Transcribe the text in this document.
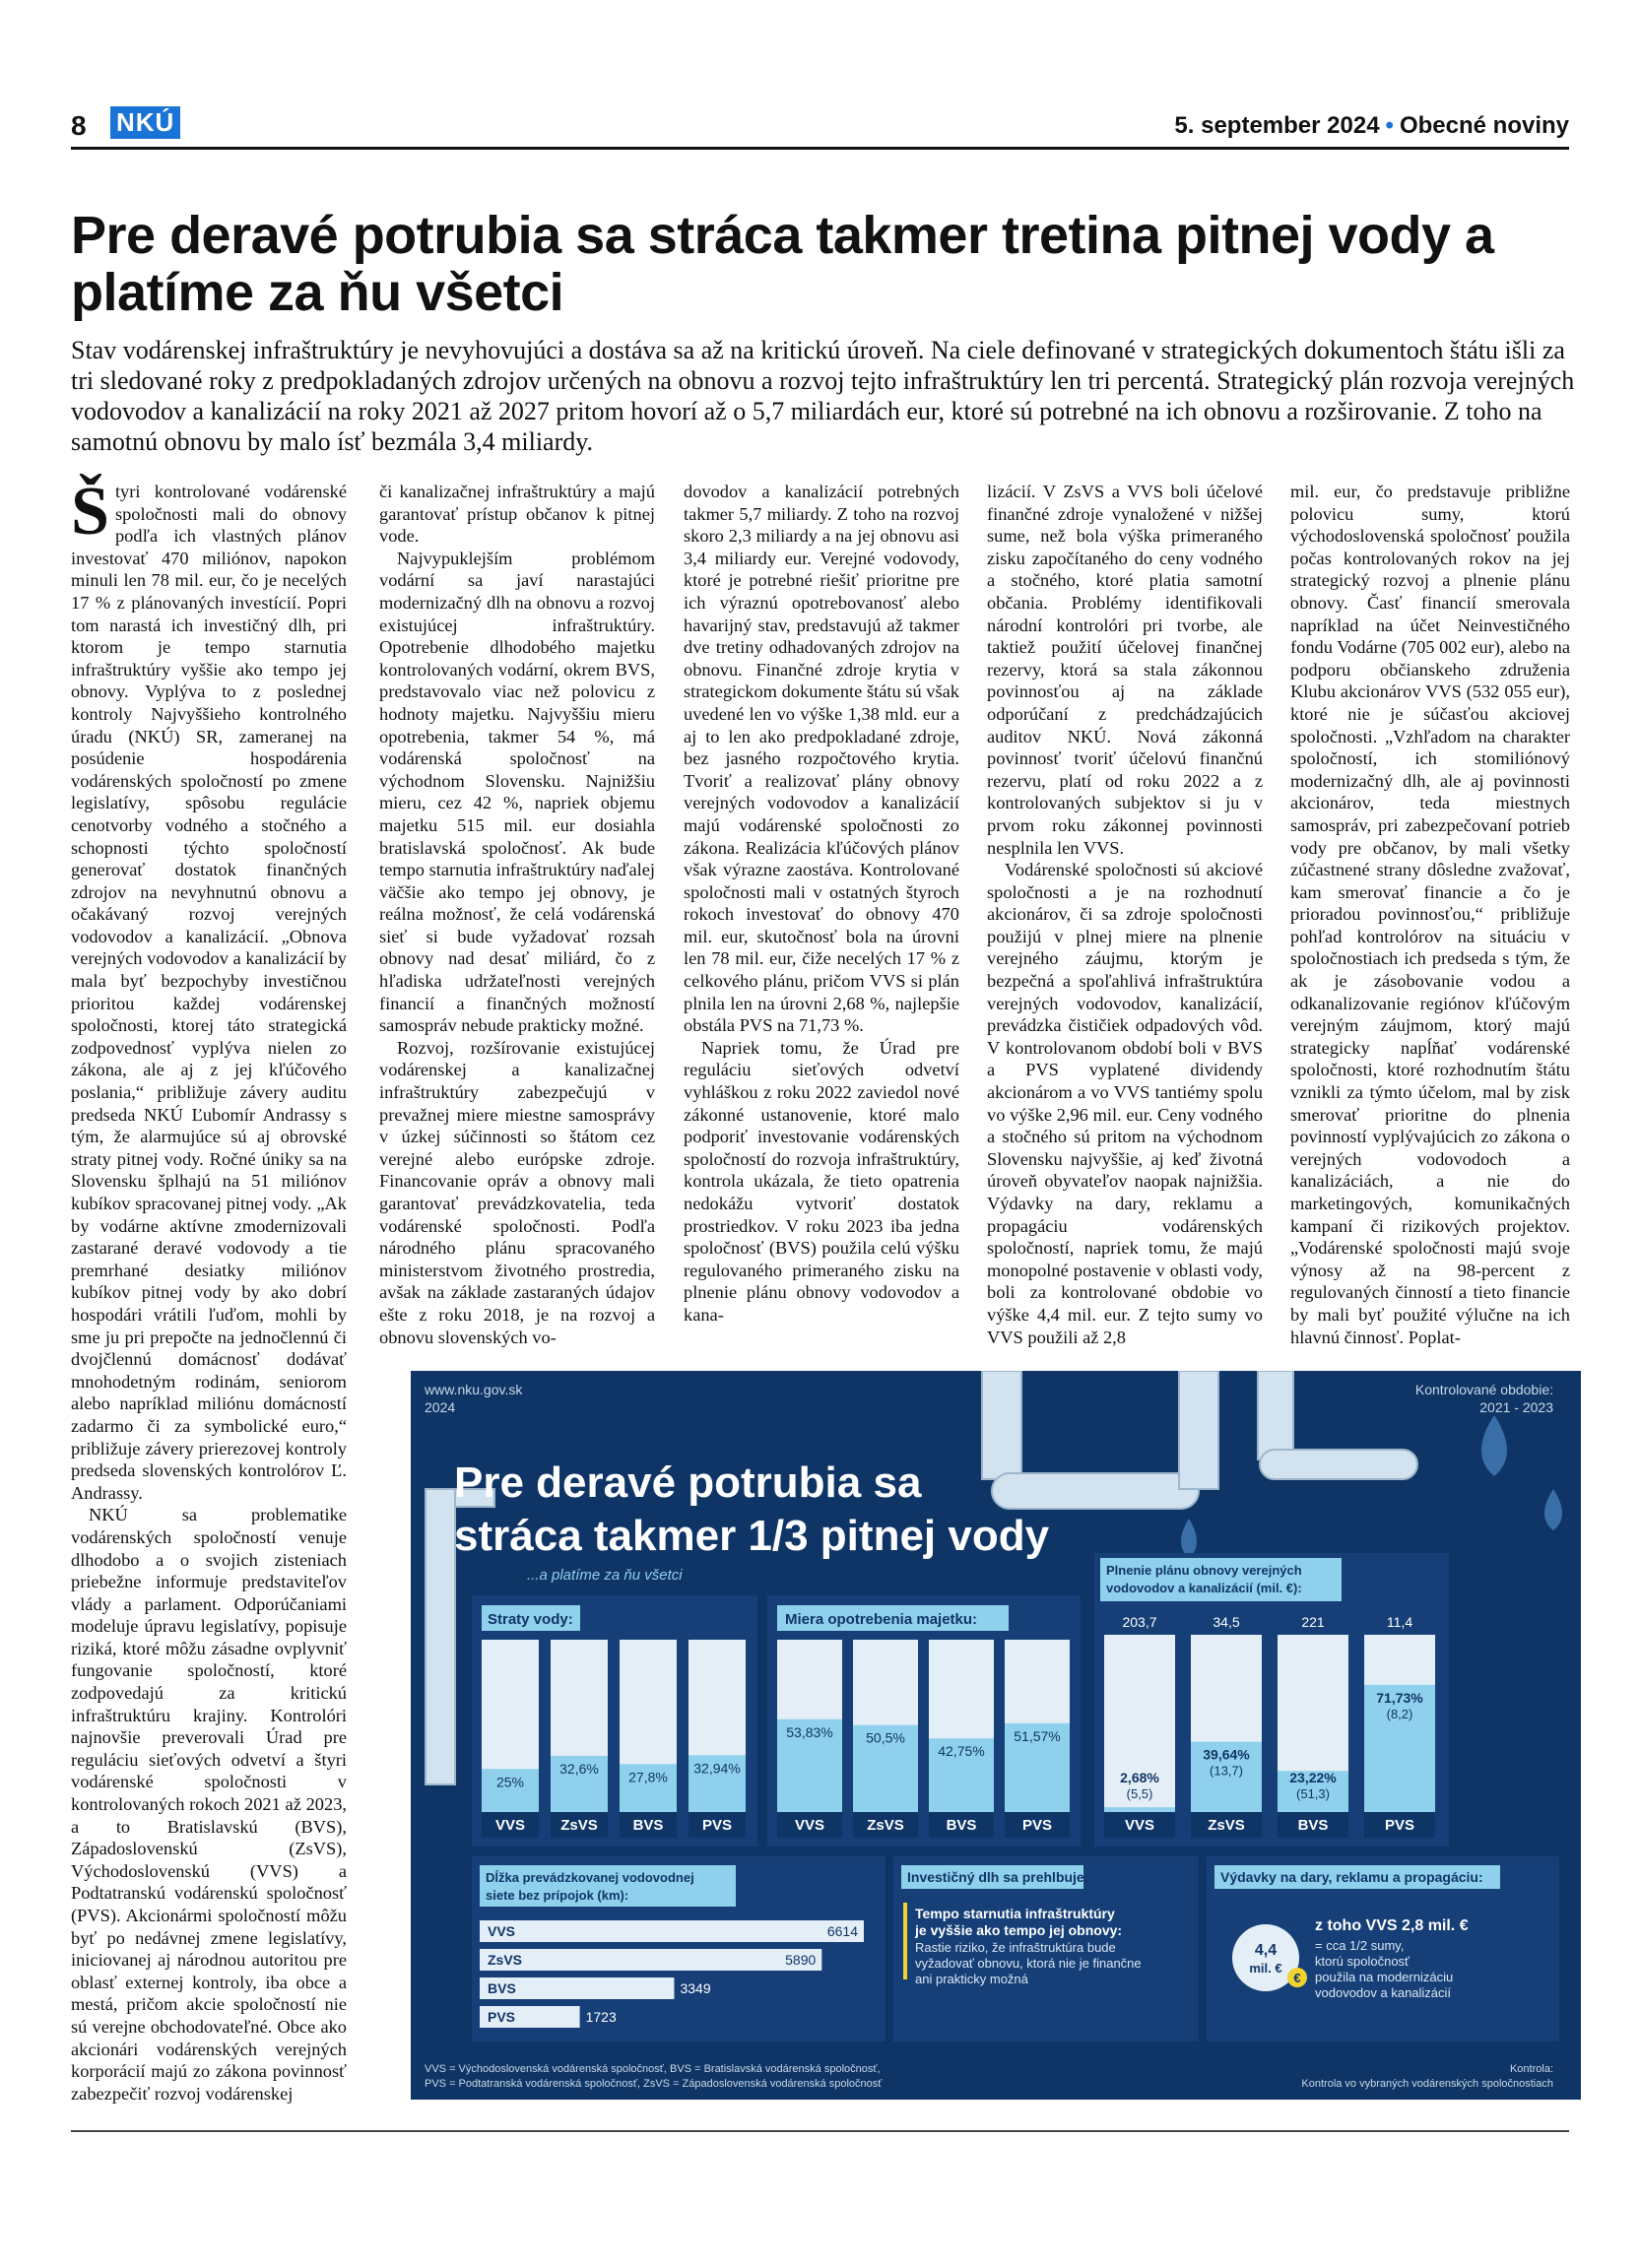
8 NKÚ	5. september 2024 • Obecné noviny
Pre deravé potrubia sa stráca takmer tretina pitnej vody a platíme za ňu všetci

Stav vodárenskej infraštruktúry je nevyhovujúci a dostáva sa až na kritickú úroveň. Na ciele definované v strategických dokumentoch štátu išli za tri sledované roky z predpokladaných zdrojov určených na obnovu a rozvoj tejto infraštruktúry len tri percentá. Strategický plán rozvoja verejných vodovodov a kanalizácií na roky 2021 až 2027 pritom hovorí až o 5,7 miliardách eur, ktoré sú potrebné na ich obnovu a rozširovanie. Z toho na samotnú obnovu by malo ísť bezmála 3,4 miliardy.

Štyri kontrolované vodárenské spoločnosti mali do obnovy podľa ich vlastných plánov investovať 470 miliónov, napokon minuli len 78 mil. eur, čo je necelých 17 % z plánovaných investícií. Popri tom narastá ich investičný dlh, pri ktorom je tempo starnutia infraštruktúry vyššie ako tempo jej obnovy. Vyplýva to z poslednej kontroly Najvyššieho kontrolného úradu (NKÚ) SR, zameranej na posúdenie hospodárenia vodárenských spoločností po zmene legislatívy, spôsobu regulácie cenotvorby vodného a stočného a schopnosti týchto spoločností generovať dostatok finančných zdrojov na nevyhnutnú obnovu a očakávaný rozvoj verejných vodovodov a kanalizácií. „Obnova verejných vodovodov a kanalizácií by mala byť bezpochyby investičnou prioritou každej vodárenskej spoločnosti, ktorej táto strategická zodpovednosť vyplýva nielen zo zákona, ale aj z jej kľúčového poslania,“ približuje závery auditu predseda NKÚ Ľubomír Andrassy s tým, že alarmujúce sú aj obrovské straty pitnej vody. Ročné úniky sa na Slovensku šplhajú na 51 miliónov kubíkov spracovanej pitnej vody. „Ak by vodárne aktívne zmodernizovali zastarané deravé vodovody a tie premrhané desiatky miliónov kubíkov pitnej vody by ako dobrí hospodári vrátili ľuďom, mohli by sme ju pri prepočte na jednočlennú či dvojčlennú domácnosť dodávať mnohodetným rodinám, seniorom alebo napríklad miliónu domácností zadarmo či za symbolické euro,“ približuje závery prierezovej kontroly predseda slovenských kontrolórov Ľ. Andrassy.

NKÚ sa problematike vodárenských spoločností venuje dlhodobo a o svojich zisteniach priebežne informuje predstaviteľov vlády a parlament. Odporúčaniami modeluje úpravu legislatívy, popisuje riziká, ktoré môžu zásadne ovplyvniť fungovanie spoločností, ktoré zodpovedajú za kritickú infraštruktúru krajiny. Kontrolóri najnovšie preverovali Úrad pre reguláciu sieťových odvetví a štyri vodárenské spoločnosti v kontrolovaných rokoch 2021 až 2023, a to Bratislavskú (BVS), Západoslovenskú (ZsVS), Východoslovenskú (VVS) a Podtatranskú vodárenskú spoločnosť (PVS). Akcionármi spoločností môžu byť po nedávnej zmene legislatívy, iniciovanej aj národnou autoritou pre oblasť externej kontroly, iba obce a mestá, pričom akcie spoločností nie sú verejne obchodovateľné. Obce ako akcionári vodárenských verejných korporácií majú zo zákona povinnosť zabezpečiť rozvoj vodárenskej

či kanalizačnej infraštruktúry a majú garantovať prístup občanov k pitnej vode.

Najvypuklejším problémom vodární sa javí narastajúci modernizačný dlh na obnovu a rozvoj existujúcej infraštruktúry. Opotrebenie dlhodobého majetku kontrolovaných vodární, okrem BVS, predstavovalo viac než polovicu z hodnoty majetku. Najvyššiu mieru opotrebenia, takmer 54 %, má vodárenská spoločnosť na východnom Slovensku. Najnižšiu mieru, cez 42 %, napriek objemu majetku 515 mil. eur dosiahla bratislavská spoločnosť. Ak bude tempo starnutia infraštruktúry naďalej väčšie ako tempo jej obnovy, je reálna možnosť, že celá vodárenská sieť si bude vyžadovať rozsah obnovy nad desať miliárd, čo z hľadiska udržateľnosti verejných financií a finančných možností samospráv nebude prakticky možné.

Rozvoj, rozšírovanie existujúcej vodárenskej a kanalizačnej infraštruktúry zabezpečujú v prevažnej miere miestne samosprávy v úzkej súčinnosti so štátom cez verejné alebo európske zdroje. Financovanie opráv a obnovy mali garantovať prevádzkovatelia, teda vodárenské spoločnosti. Podľa národného plánu spracovaného ministerstvom životného prostredia, avšak na základe zastaraných údajov ešte z roku 2018, je na rozvoj a obnovu slovenských vo-

dovodov a kanalizácií potrebných takmer 5,7 miliardy. Z toho na rozvoj skoro 2,3 miliardy a na jej obnovu asi 3,4 miliardy eur. Verejné vodovody, ktoré je potrebné riešiť prioritne pre ich výraznú opotrebovanosť alebo havarijný stav, predstavujú až takmer dve tretiny odhadovaných zdrojov na obnovu. Finančné zdroje krytia v strategickom dokumente štátu sú však uvedené len vo výške 1,38 mld. eur a aj to len ako predpokladané zdroje, bez jasného rozpočtového krytia. Tvoriť a realizovať plány obnovy verejných vodovodov a kanalizácií majú vodárenské spoločnosti zo zákona. Realizácia kľúčových plánov však výrazne zaostáva. Kontrolované spoločnosti mali v ostatných štyroch rokoch investovať do obnovy 470 mil. eur, skutočnosť bola na úrovni len 78 mil. eur, čiže necelých 17 % z celkového plánu, pričom VVS si plán plnila len na úrovni 2,68 %, najlepšie obstála PVS na 71,73 %.

Napriek tomu, že Úrad pre reguláciu sieťových odvetví vyhláškou z roku 2022 zaviedol nové zákonné ustanovenie, ktoré malo podporiť investovanie vodárenských spoločností do rozvoja infraštruktúry, kontrola ukázala, že tieto opatrenia nedokážu vytvoriť dostatok prostriedkov. V roku 2023 iba jedna spoločnosť (BVS) použila celú výšku regulovaného primeraného zisku na plnenie plánu obnovy vodovodov a kana-

lizácií. V ZsVS a VVS boli účelové finančné zdroje vynaložené v nižšej sume, než bola výška primeraného zisku započítaného do ceny vodného a stočného, ktoré platia samotní občania. Problémy identifikovali národní kontrolóri pri tvorbe, ale taktiež použití účelovej finančnej rezervy, ktorá sa stala zákonnou povinnosťou aj na základe odporúčaní z predchádzajúcich auditov NKÚ. Nová zákonná povinnosť tvoriť účelovú finančnú rezervu, platí od roku 2022 a z kontrolovaných subjektov si ju v prvom roku zákonnej povinnosti nesplnila len VVS.

Vodárenské spoločnosti sú akciové spoločnosti a je na rozhodnutí akcionárov, či sa zdroje spoločnosti použijú v plnej miere na plnenie verejného záujmu, ktorým je bezpečná a spoľahlivá infraštruktúra verejných vodovodov, kanalizácií, prevádzka čističiek odpadových vôd. V kontrolovanom období boli v BVS a PVS vyplatené dividendy akcionárom a vo VVS tantiémy spolu vo výške 2,96 mil. eur. Ceny vodného a stočného sú pritom na východnom Slovensku najvyššie, aj keď životná úroveň obyvateľov naopak najnižšia. Výdavky na dary, reklamu a propagáciu vodárenských spoločností, napriek tomu, že majú monopolné postavenie v oblasti vody, boli za kontrolované obdobie vo výške 4,4 mil. eur. Z tejto sumy vo VVS použili až 2,8

mil. eur, čo predstavuje približne polovicu sumy, ktorú východoslovenská spoločnosť použila počas kontrolovaných rokov na jej strategický rozvoj a plnenie plánu obnovy. Časť financií smerovala napríklad na účet Neinvestičného fondu Vodárne (705 002 eur), alebo na podporu občianskeho združenia Klubu akcionárov VVS (532 055 eur), ktoré nie je súčasťou akciovej spoločnosti. „Vzhľadom na charakter spoločností, ich stomiliónový modernizačný dlh, ale aj povinnosti akcionárov, teda miestnych samospráv, pri zabezpečovaní potrieb vody pre občanov, by mali všetky zúčastnené strany dôsledne zvažovať, kam smerovať financie a čo je prioradou povinnosťou,“ približuje pohľad kontrolórov na situáciu v spoločnostiach ich predseda s tým, že ak je zásobovanie vodou a odkanalizovanie regiónov kľúčovým verejným záujmom, ktorý majú strategicky napĺňať vodárenské spoločnosti, ktoré rozhodnutím štátu vznikli za týmto účelom, mal by zisk smerovať prioritne do plnenia povinností vyplývajúcich zo zákona o verejných vodovodoch a kanalizáciách, a nie do marketingových, komunikačných kampaní či rizikových projektov. „Vodárenské spoločnosti majú svoje výnosy až na 98-percent z regulovaných činností a tieto financie by mali byť použité výlučne na ich hlavnú činnosť. Poplat-

www.nku.gov.sk
2024
Kontrolované obdobie:
2021 - 2023
Pre deravé potrubia sa
stráca takmer 1/3 pitnej vody
...a platíme za ňu všetci
Straty vody:
25%
VVS
32,6%
ZsVS
27,8%
BVS
32,94%
PVS
Miera opotrebenia majetku:
53,83%
VVS
50,5%
ZsVS
42,75%
BVS
51,57%
PVS
Plnenie plánu obnovy verejných
vodovodov a kanalizácií (mil. €):
203,7
2,68%
(5,5)
VVS
34,5
39,64%
(13,7)
ZsVS
221
23,22%
(51,3)
BVS
11,4
71,73%
(8,2)
PVS
Dĺžka prevádzkovanej vodovodnej
siete bez prípojok (km):
VVS	6614
ZsVS	5890
BVS	3349
PVS	1723
Investičný dlh sa prehlbuje:
Tempo starnutia infraštruktúry
je vyššie ako tempo jej obnovy:
Rastie riziko, že infraštruktúra bude
vyžadovať obnovu, ktorá nie je finančne
ani prakticky možná
Výdavky na dary, reklamu a propagáciu:
4,4
mil. €
€
z toho VVS 2,8 mil. €
= cca 1/2 sumy,
ktorú spoločnosť
použila na modernizáciu
vodovodov a kanalizácií
VVS = Východoslovenská vodárenská spoločnosť, BVS = Bratislavská vodárenská spoločnosť,
PVS = Podtatranská vodárenská spoločnosť, ZsVS = Západoslovenská vodárenská spoločnosť
Kontrola:
Kontrola vo vybraných vodárenských spoločnostiach
